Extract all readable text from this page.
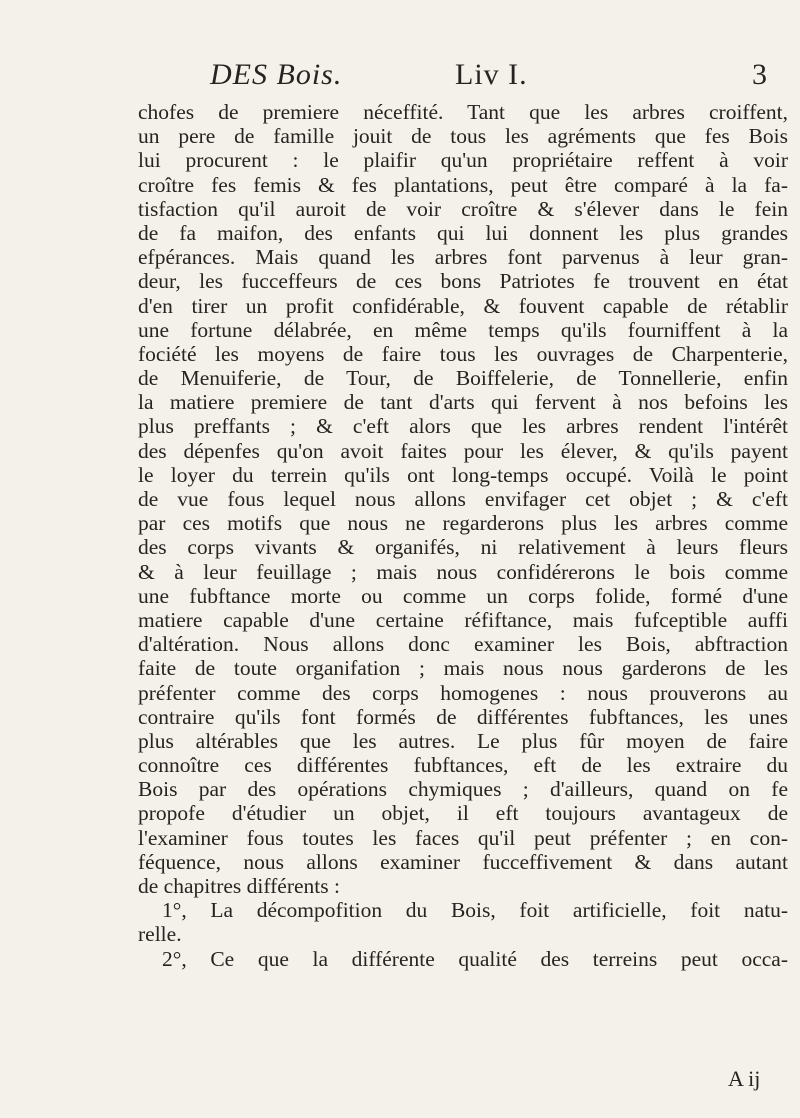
DES Bois.	Liv I.	3
chofes de premiere néceffité. Tant que les arbres croiffent,
un pere de famille jouit de tous les agréments que fes Bois
lui procurent : le plaifir qu'un propriétaire reffent à voir
croître fes femis & fes plantations, peut être comparé à la fa-
tisfaction qu'il auroit de voir croître & s'élever dans le fein
de fa maifon, des enfants qui lui donnent les plus grandes
efpérances. Mais quand les arbres font parvenus à leur gran-
deur, les fucceffeurs de ces bons Patriotes fe trouvent en état
d'en tirer un profit confidérable, & fouvent capable de rétablir
une fortune délabrée, en même temps qu'ils fourniffent à la
fociété les moyens de faire tous les ouvrages de Charpenterie,
de Menuiferie, de Tour, de Boiffelerie, de Tonnellerie, enfin
la matiere premiere de tant d'arts qui fervent à nos befoins les
plus preffants ; & c'eft alors que les arbres rendent l'intérêt
des dépenfes qu'on avoit faites pour les élever, & qu'ils payent
le loyer du terrein qu'ils ont long-temps occupé. Voilà le point
de vue fous lequel nous allons envifager cet objet ; & c'eft
par ces motifs que nous ne regarderons plus les arbres comme
des corps vivants & organifés, ni relativement à leurs fleurs
& à leur feuillage ; mais nous confidérerons le bois comme
une fubftance morte ou comme un corps folide, formé d'une
matiere capable d'une certaine réfiftance, mais fufceptible auffi
d'altération. Nous allons donc examiner les Bois, abftraction
faite de toute organifation ; mais nous nous garderons de les
préfenter comme des corps homogenes : nous prouverons au
contraire qu'ils font formés de différentes fubftances, les unes
plus altérables que les autres. Le plus fûr moyen de faire
connoître ces différentes fubftances, eft de les extraire du
Bois par des opérations chymiques ; d'ailleurs, quand on fe
propofe d'étudier un objet, il eft toujours avantageux de
l'examiner fous toutes les faces qu'il peut préfenter ; en con-
féquence, nous allons examiner fucceffivement & dans autant
de chapitres différents :
1°, La décompofition du Bois, foit artificielle, foit natu-
relle.
2°, Ce que la différente qualité des terreins peut occa-
A ij
